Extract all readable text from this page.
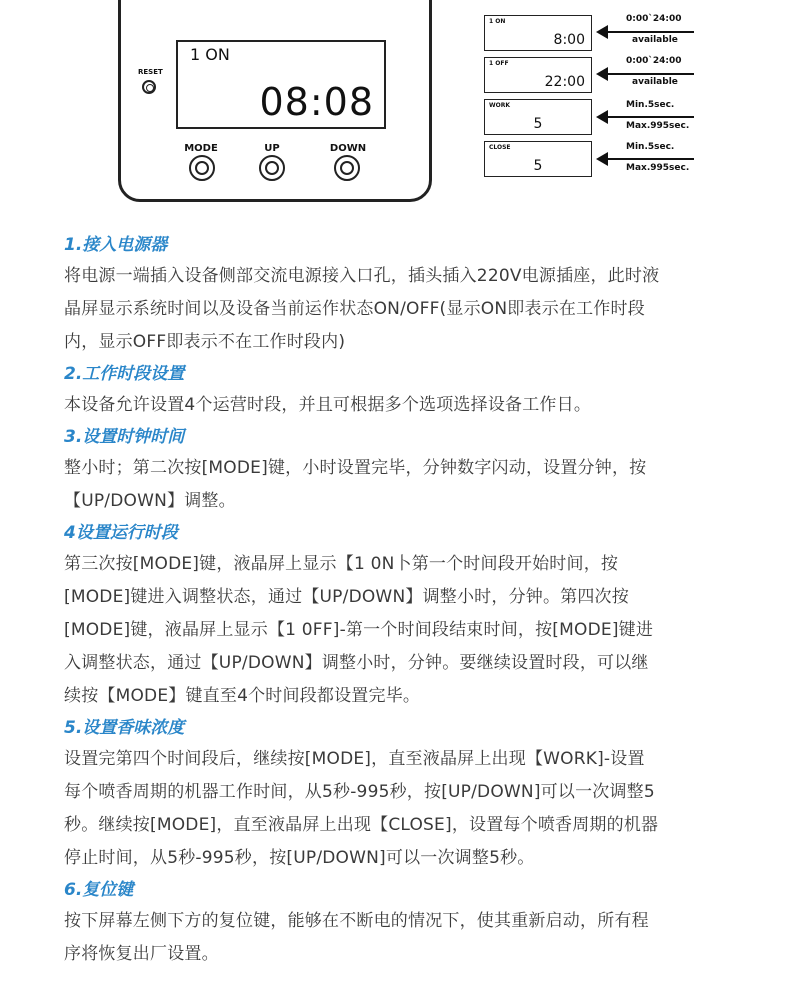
RESET
1 ON
08:08
MODE	UP	DOWN
1 ON
8:00
0:00`24:00
available
1 OFF
22:00
0:00`24:00
available
WORK
5
Min.5sec.
Max.995sec.
CLOSE
5
Min.5sec.
Max.995sec.

1.接入电源器

将电源一端插入设备侧部交流电源接入口孔，插头插入220V电源插座，此时液

晶屏显示系统时间以及设备当前运作状态ON/OFF(显示ON即表示在工作时段

内，显示OFF即表示不在工作时段内)

2.工作时段设置

本设备允许设置4个运营时段，并且可根据多个选项选择设备工作日。

3.设置时钟时间

整小时；第二次按[MODE]键，小时设置完毕，分钟数字闪动，设置分钟，按

【UP/DOWN】调整。

4设置运行时段

第三次按[MODE]键，液晶屏上显示【1 0N卜第一个时间段开始时间，按

[MODE]键进入调整状态，通过【UP/DOWN】调整小时，分钟。第四次按

[MODE]键，液晶屏上显示【1 0FF]-第一个时间段结束时间，按[MODE]键进

入调整状态，通过【UP/DOWN】调整小时，分钟。要继续设置时段，可以继

续按【MODE】键直至4个时间段都设置完毕。

5.设置香味浓度

设置完第四个时间段后，继续按[MODE]，直至液晶屏上出现【WORK]-设置

每个喷香周期的机器工作时间，从5秒-995秒，按[UP/DOWN]可以一次调整5

秒。继续按[MODE]，直至液晶屏上出现【CLOSE]，设置每个喷香周期的机器

停止时间，从5秒-995秒，按[UP/DOWN]可以一次调整5秒。

6.复位键

按下屏幕左侧下方的复位键，能够在不断电的情况下，使其重新启动，所有程

序将恢复出厂设置。
